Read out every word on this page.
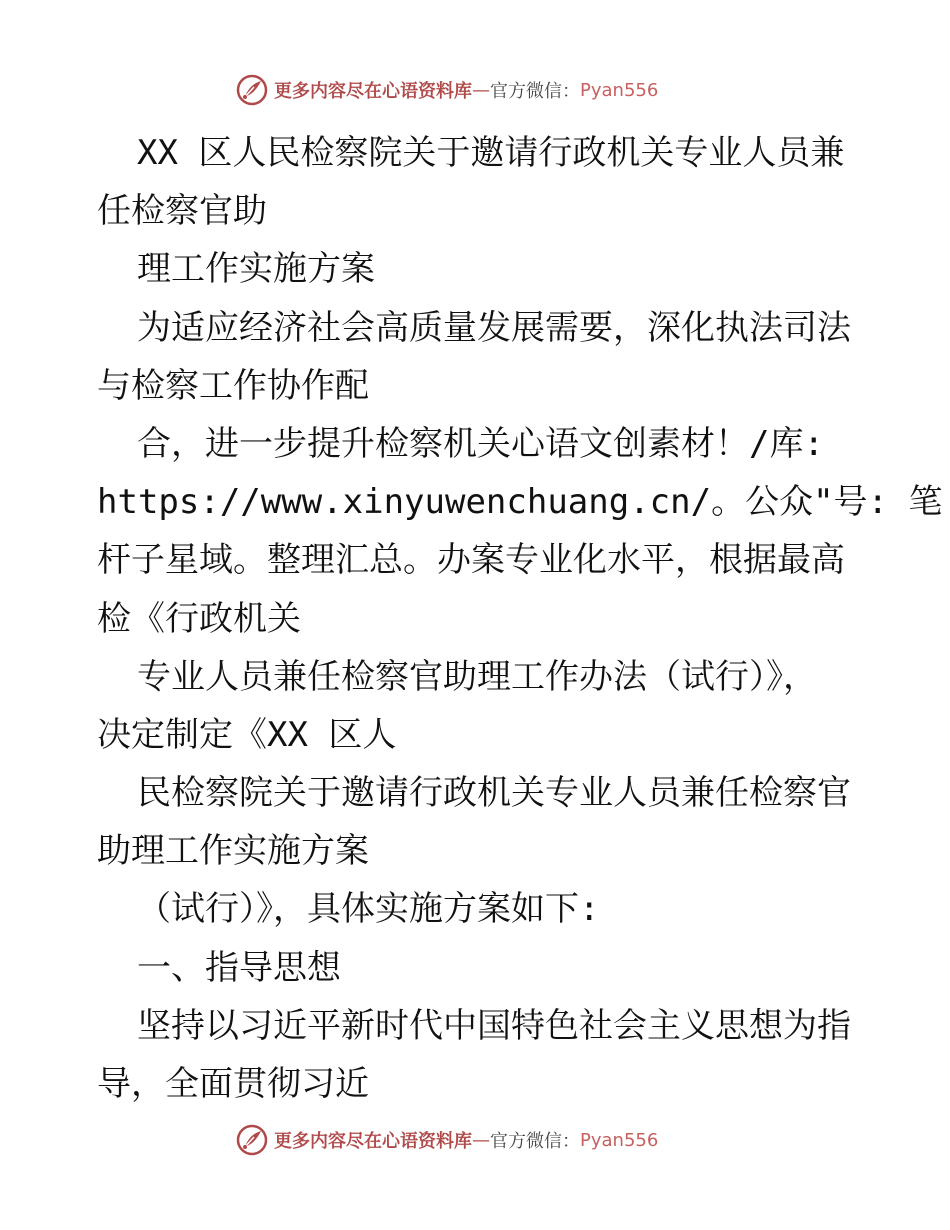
更多内容尽在心语资料库 — 官方微信： Pyan556
XX 区人民检察院关于邀请行政机关专业人员兼
任检察官助
理工作实施方案
为适应经济社会高质量发展需要，深化执法司法
与检察工作协作配
合，进一步提升检察机关心语文创素材！/库:
https://www.xinyuwenchuang.cn/。公众"号: 笔
杆子星域。整理汇总。办案专业化水平，根据最高
检《行政机关
专业人员兼任检察官助理工作办法（试行）》，
决定制定《XX 区人
民检察院关于邀请行政机关专业人员兼任检察官
助理工作实施方案
（试行）》，具体实施方案如下:
一、指导思想
坚持以习近平新时代中国特色社会主义思想为指
导，全面贯彻习近
更多内容尽在心语资料库 — 官方微信： Pyan556
